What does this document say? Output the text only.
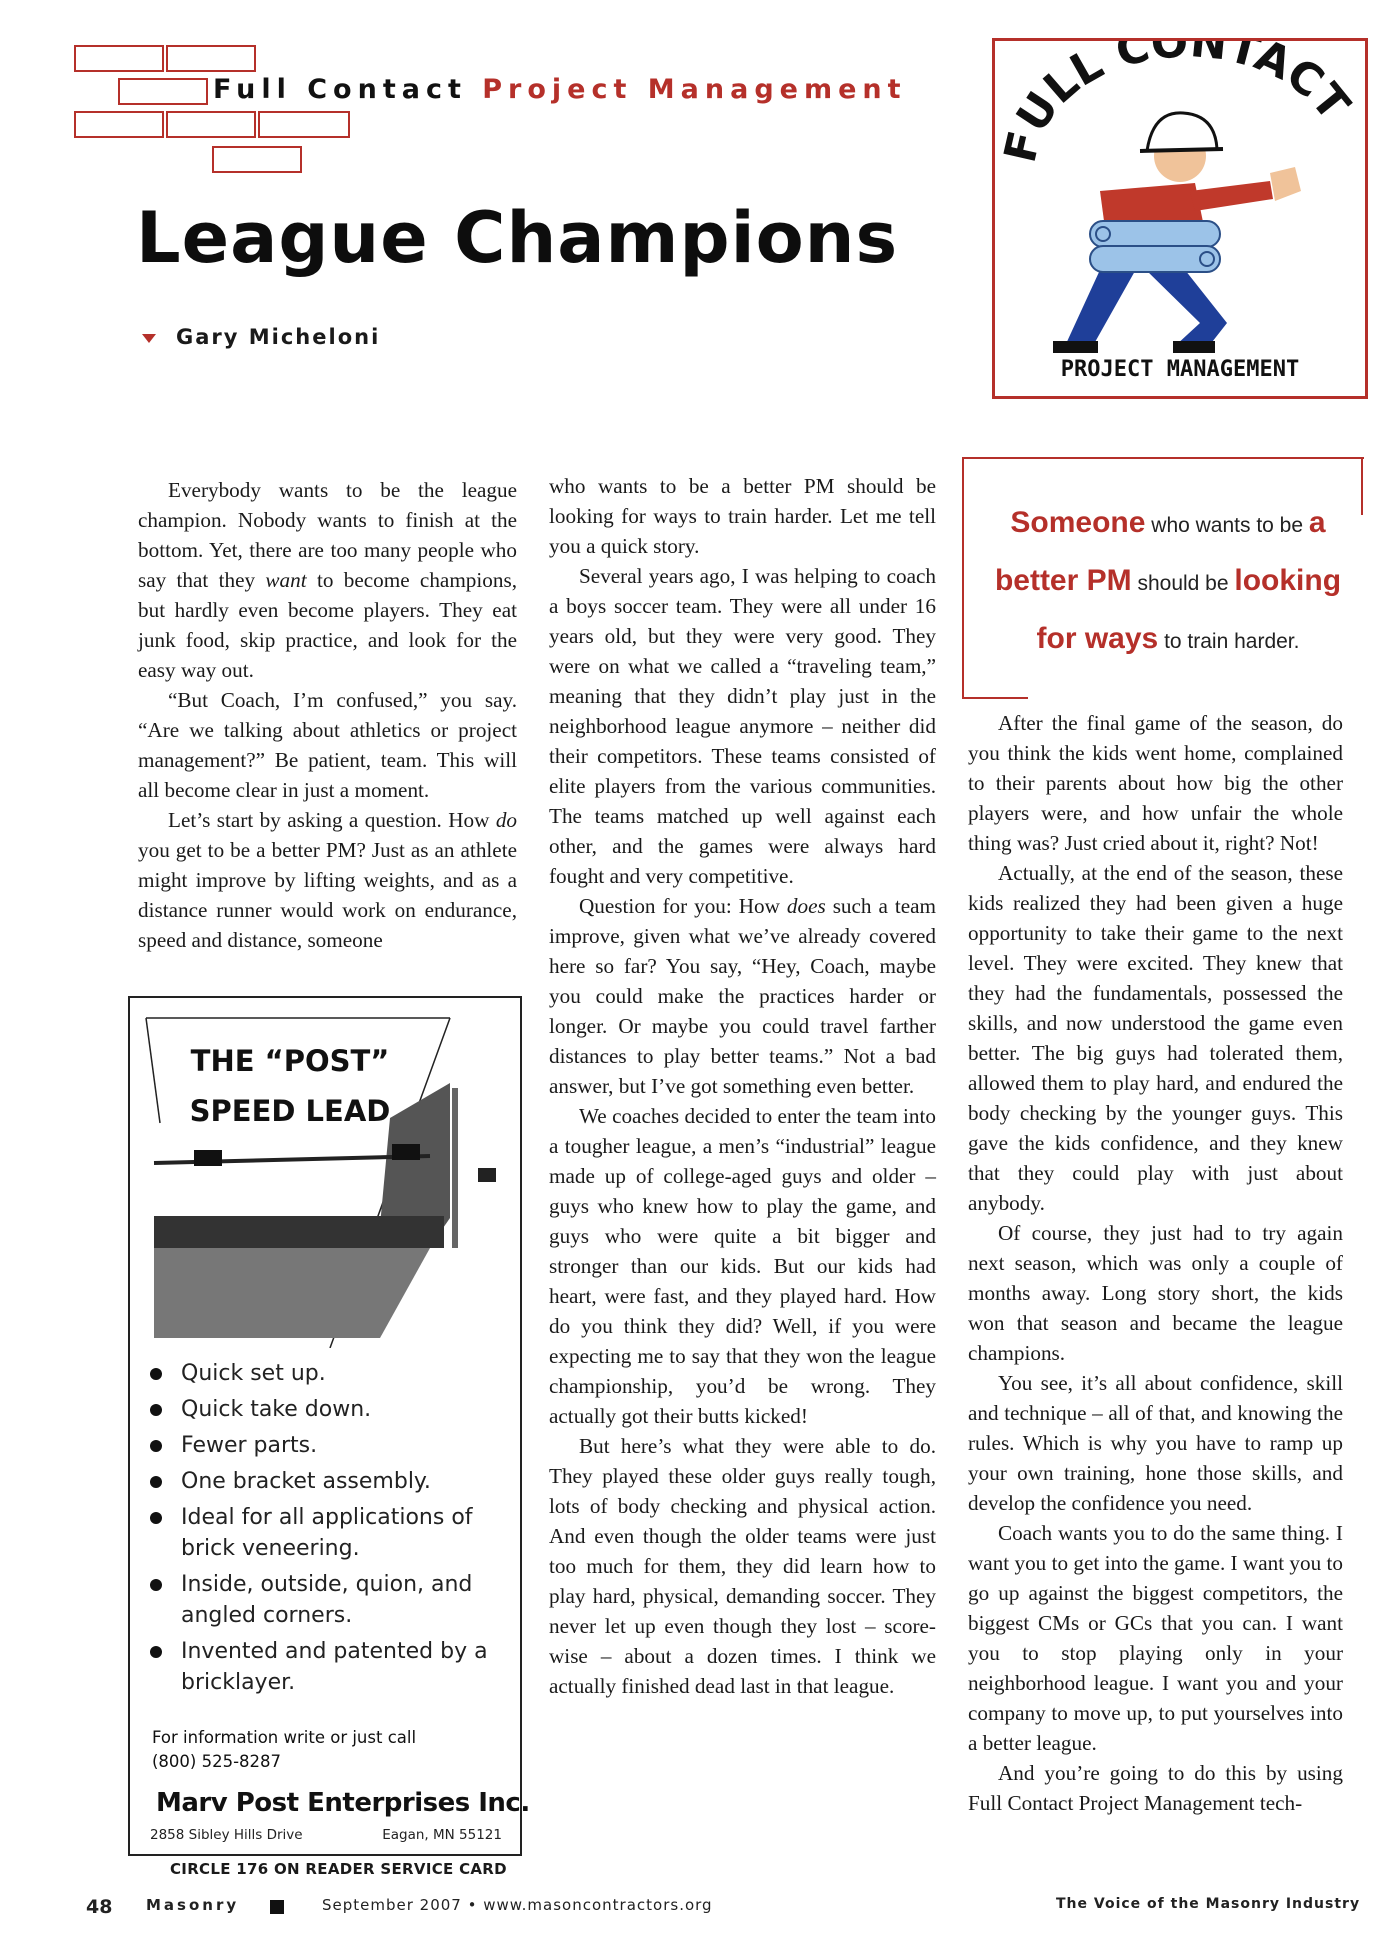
Full Contact Project Management
League Champions
Gary Micheloni
FULL CONTACT
PROJECT MANAGEMENT

Everybody wants to be the league champion. Nobody wants to finish at the bottom. Yet, there are too many people who say that they want to become champions, but hardly even become players. They eat junk food, skip practice, and look for the easy way out.

“But Coach, I’m confused,” you say. “Are we talking about athletics or project management?” Be patient, team. This will all become clear in just a moment.

Let’s start by asking a question. How do you get to be a better PM? Just as an athlete might improve by lifting weights, and as a distance runner would work on endurance, speed and distance, someone

who wants to be a better PM should be looking for ways to train harder. Let me tell you a quick story.

Several years ago, I was helping to coach a boys soccer team. They were all under 16 years old, but they were very good. They were on what we called a “traveling team,” meaning that they didn’t play just in the neighborhood league anymore – neither did their competitors. These teams consisted of elite players from the various communities. The teams matched up well against each other, and the games were always hard fought and very competitive.

Question for you: How does such a team improve, given what we’ve already covered here so far? You say, “Hey, Coach, maybe you could make the practices harder or longer. Or maybe you could travel farther distances to play better teams.” Not a bad answer, but I’ve got something even better.

We coaches decided to enter the team into a tougher league, a men’s “industrial” league made up of college-aged guys and older – guys who knew how to play the game, and guys who were quite a bit bigger and stronger than our kids. But our kids had heart, were fast, and they played hard. How do you think they did? Well, if you were expecting me to say that they won the league championship, you’d be wrong. They actually got their butts kicked!

But here’s what they were able to do. They played these older guys really tough, lots of body checking and physical action. And even though the older teams were just too much for them, they did learn how to play hard, physical, demanding soccer. They never let up even though they lost – score-wise – about a dozen times. I think we actually finished dead last in that league.

Someone who wants to be a
better PM should be looking
for ways to train harder.

After the final game of the season, do you think the kids went home, complained to their parents about how big the other players were, and how unfair the whole thing was? Just cried about it, right? Not!

Actually, at the end of the season, these kids realized they had been given a huge opportunity to take their game to the next level. They were excited. They knew that they had the fundamentals, possessed the skills, and now understood the game even better. The big guys had tolerated them, allowed them to play hard, and endured the body checking by the younger guys. This gave the kids confidence, and they knew that they could play with just about anybody.

Of course, they just had to try again next season, which was only a couple of months away. Long story short, the kids won that season and became the league champions.

You see, it’s all about confidence, skill and technique – all of that, and knowing the rules. Which is why you have to ramp up your own training, hone those skills, and develop the confidence you need.

Coach wants you to do the same thing. I want you to get into the game. I want you to go up against the biggest competitors, the biggest CMs or GCs that you can. I want you to stop playing only in your neighborhood league. I want you and your company to move up, to put yourselves into a better league.

And you’re going to do this by using Full Contact Project Management tech-

THE “POST”
SPEED LEAD
Quick set up.
Quick take down.
Fewer parts.
One bracket assembly.
Ideal for all applications of brick veneering.
Inside, outside, quion, and angled corners.
Invented and patented by a bricklayer.
For information write or just call
(800) 525-8287
Marv Post Enterprises Inc.
2858 Sibley Hills Drive	Eagan, MN 55121
CIRCLE 176 ON READER SERVICE CARD
48 Masonry	September 2007 • www.masoncontractors.org	The Voice of the Masonry Industry
